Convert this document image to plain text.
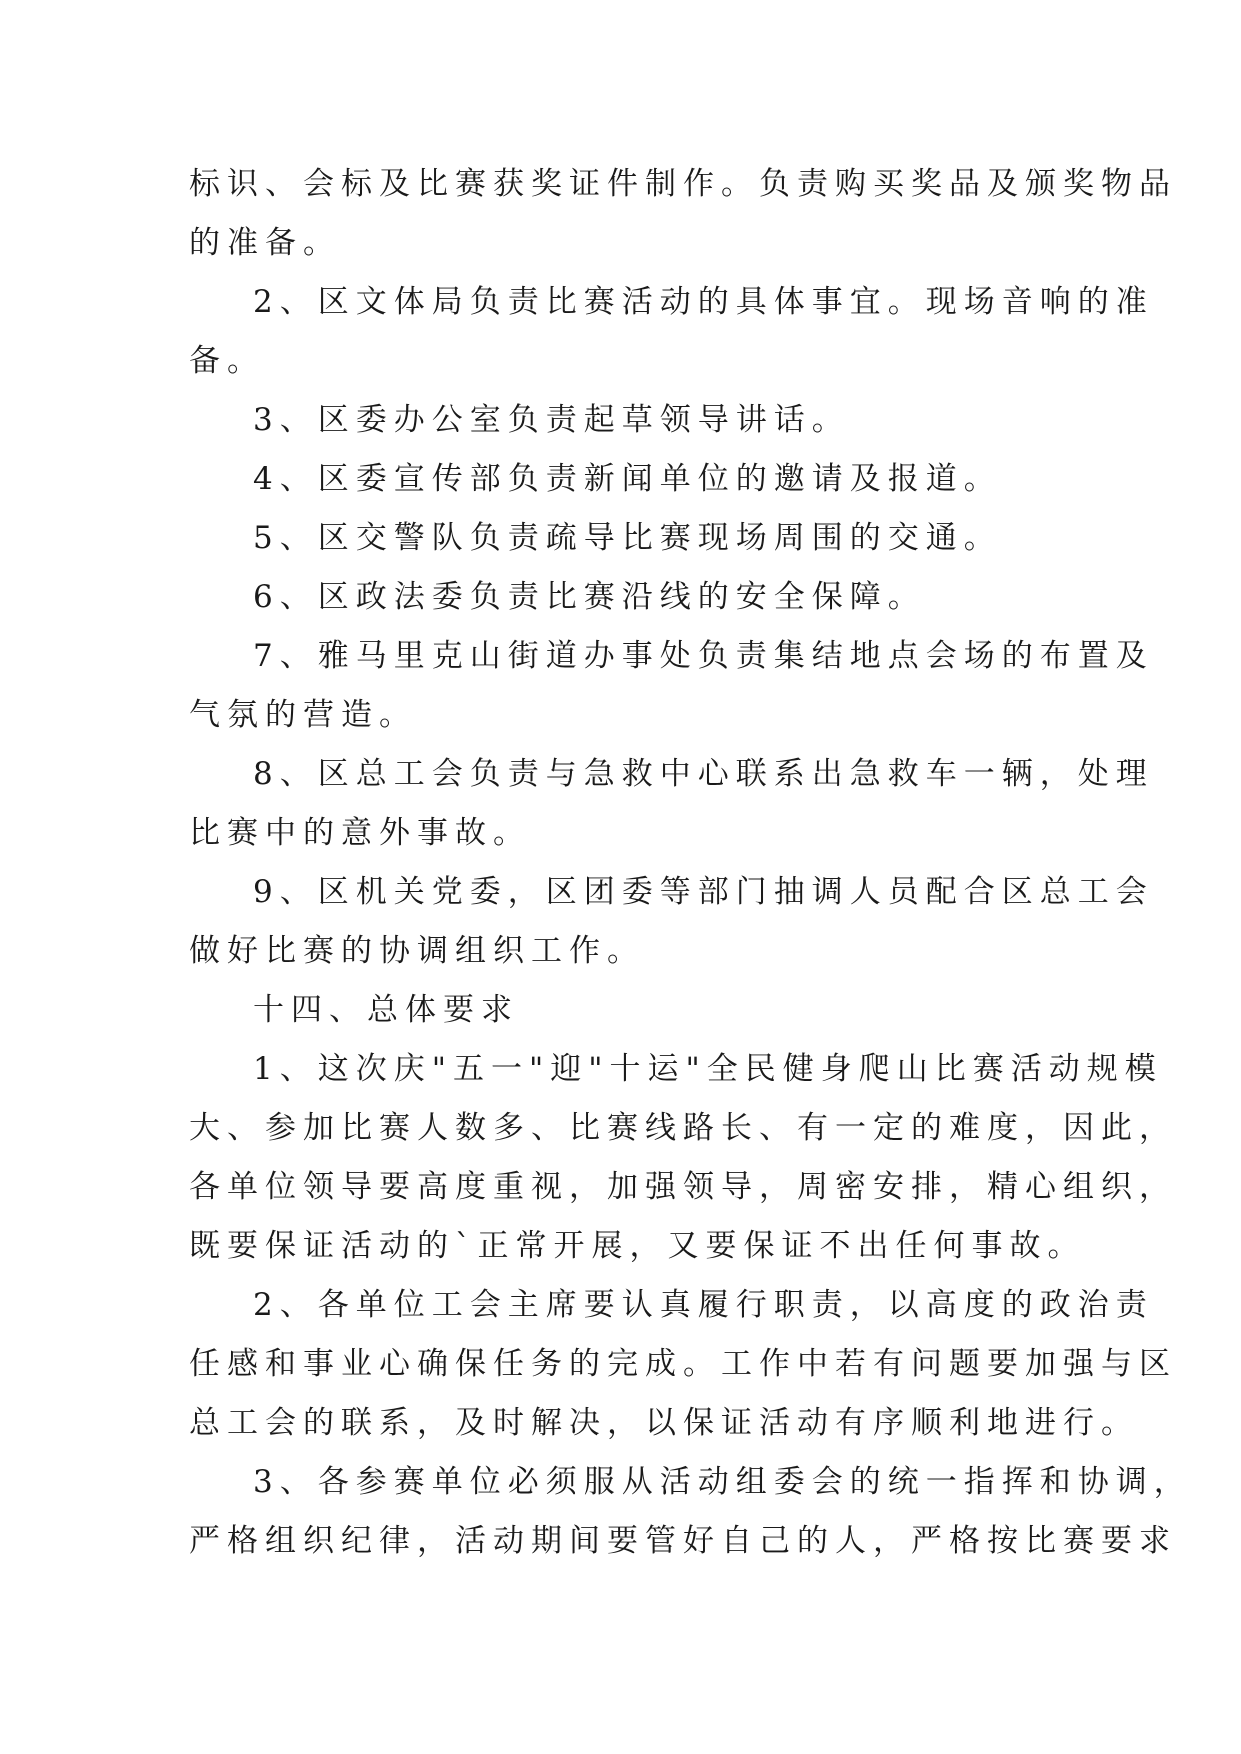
标识、会标及比赛获奖证件制作。负责购买奖品及颁奖物品
的准备。
2、区文体局负责比赛活动的具体事宜。现场音响的准
备。
3、区委办公室负责起草领导讲话。
4、区委宣传部负责新闻单位的邀请及报道。
5、区交警队负责疏导比赛现场周围的交通。
6、区政法委负责比赛沿线的安全保障。
7、雅马里克山街道办事处负责集结地点会场的布置及
气氛的营造。
8、区总工会负责与急救中心联系出急救车一辆，处理
比赛中的意外事故。
9、区机关党委，区团委等部门抽调人员配合区总工会
做好比赛的协调组织工作。
十四、总体要求
1、这次庆"五一"迎"十运"全民健身爬山比赛活动规模
大、参加比赛人数多、比赛线路长、有一定的难度，因此，
各单位领导要高度重视，加强领导，周密安排，精心组织，
既要保证活动的`正常开展，又要保证不出任何事故。
2、各单位工会主席要认真履行职责，以高度的政治责
任感和事业心确保任务的完成。工作中若有问题要加强与区
总工会的联系，及时解决，以保证活动有序顺利地进行。
3、各参赛单位必须服从活动组委会的统一指挥和协调，
严格组织纪律，活动期间要管好自己的人，严格按比赛要求
